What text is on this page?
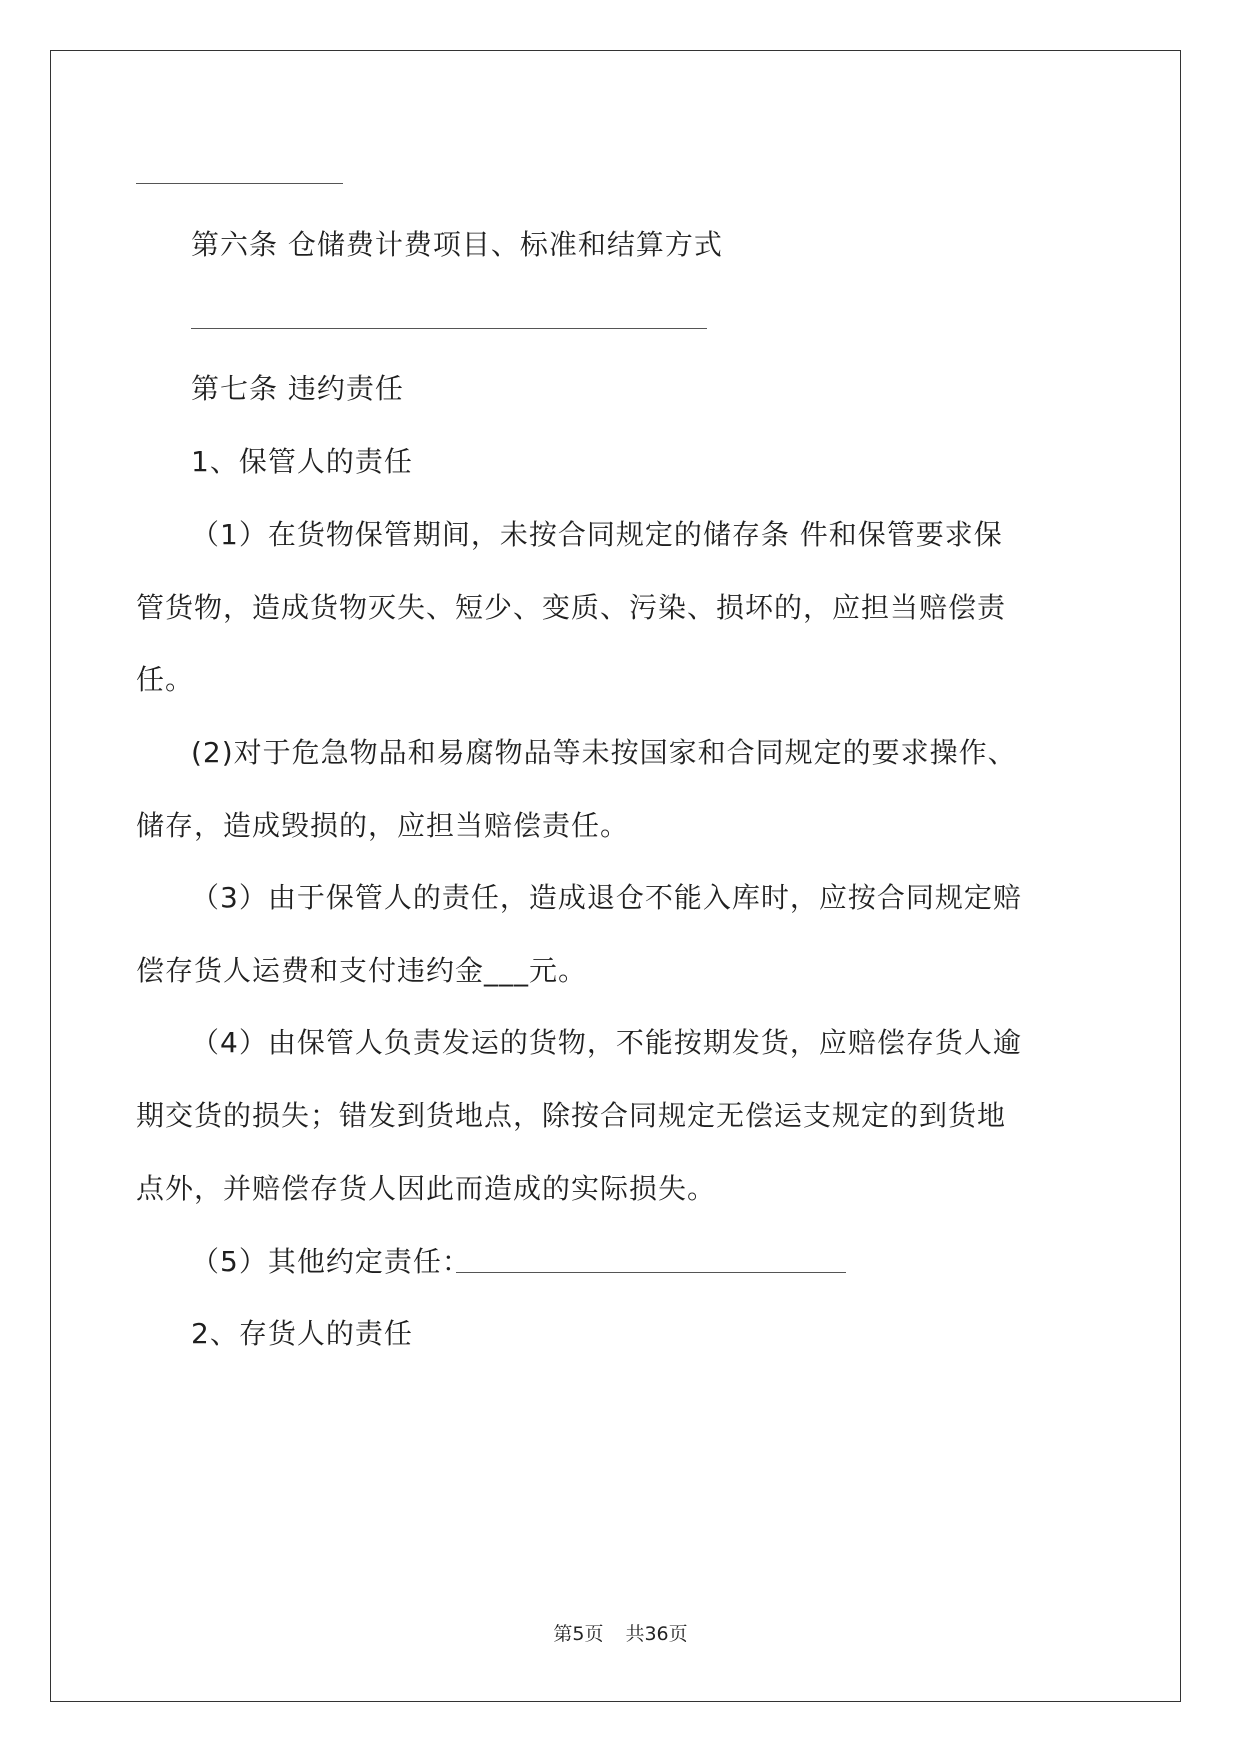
第六条 仓储费计费项目、标准和结算方式
第七条 违约责任
1、保管人的责任
（1）在货物保管期间，未按合同规定的储存条 件和保管要求保
管货物，造成货物灭失、短少、变质、污染、损坏的，应担当赔偿责
任。
(2)对于危急物品和易腐物品等未按国家和合同规定的要求操作、
储存，造成毁损的，应担当赔偿责任。
（3）由于保管人的责任，造成退仓不能入库时，应按合同规定赔
偿存货人运费和支付违约金___元。
（4）由保管人负责发运的货物，不能按期发货，应赔偿存货人逾
期交货的损失；错发到货地点，除按合同规定无偿运支规定的到货地
点外，并赔偿存货人因此而造成的实际损失。
（5）其他约定责任：
2、存货人的责任
第5页 共36页
